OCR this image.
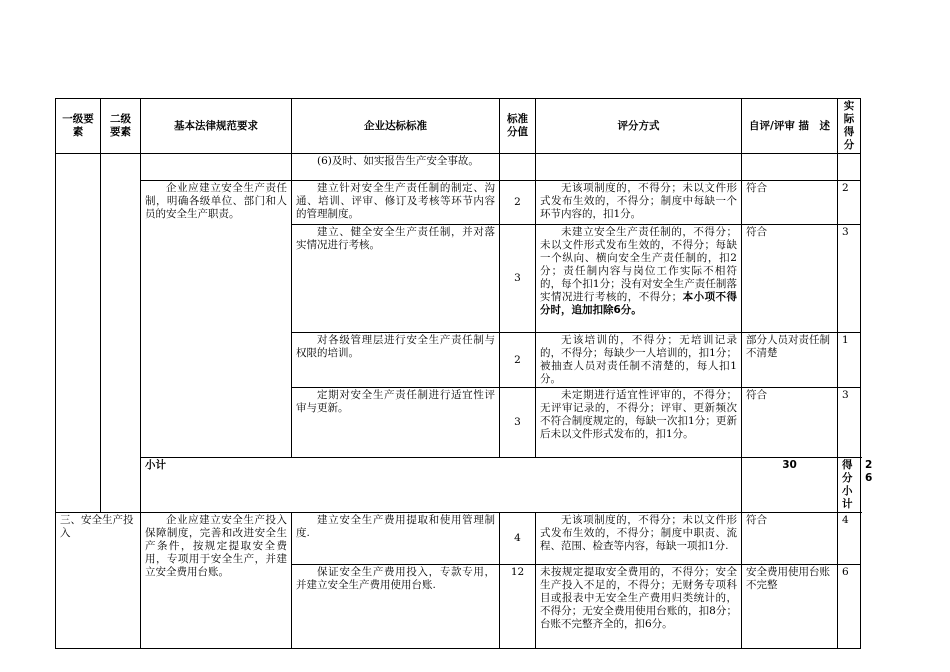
一级要素	二级要素	基本法律规范要求	企业达标标准	标准分值	评分方式	自评/评审 描　述	实际得分	
			(6)及时、如实报告生产安全事故。					
		企业应建立安全生产责任制，明确各级单位、部门和人员的安全生产职责。	建立针对安全生产责任制的制定、沟通、培训、评审、修订及考核等环节内容的管理制度。	2	无该项制度的，不得分；未以文件形式发布生效的，不得分；制度中每缺一个环节内容的，扣1分。	符合	2	
			建立、健全安全生产责任制，并对落实情况进行考核。	3	未建立安全生产责任制的，不得分；未以文件形式发布生效的，不得分；每缺一个纵向、横向安全生产责任制的，扣2分；责任制内容与岗位工作实际不相符的，每个扣1分；没有对安全生产责任制落实情况进行考核的，不得分；本小项不得分时，追加扣除6分。	符合	3	
			对各级管理层进行安全生产责任制与权限的培训。	2	无该培训的，不得分；无培训记录的，不得分；每缺少一人培训的，扣1分；被抽查人员对责任制不清楚的，每人扣1分。	部分人员对责任制不清楚	1	
			定期对安全生产责任制进行适宜性评审与更新。	3	未定期进行适宜性评审的，不得分；无评审记录的，不得分；评审、更新频次不符合制度规定的，每缺一次扣1分；更新后未以文件形式发布的，扣1分。	符合	3	
		小计				30	得分小计	26
三、安全生产投入		企业应建立安全生产投入保障制度，完善和改进安全生产条件，按规定提取安全费用，专项用于安全生产，并建立安全费用台账。	建立安全生产费用提取和使用管理制度.	4	无该项制度的，不得分；未以文件形式发布生效的，不得分；制度中职责、流程、范围、检查等内容，每缺一项扣1分.	符合	4	
			保证安全生产费用投入，专款专用，并建立安全生产费用使用台账.	12	未按规定提取安全费用的，不得分；安全生产投入不足的，不得分；无财务专项科目或报表中无安全生产费用归类统计的，不得分；无安全费用使用台账的，扣8分；台账不完整齐全的，扣6分。	安全费用使用台账不完整	6	
